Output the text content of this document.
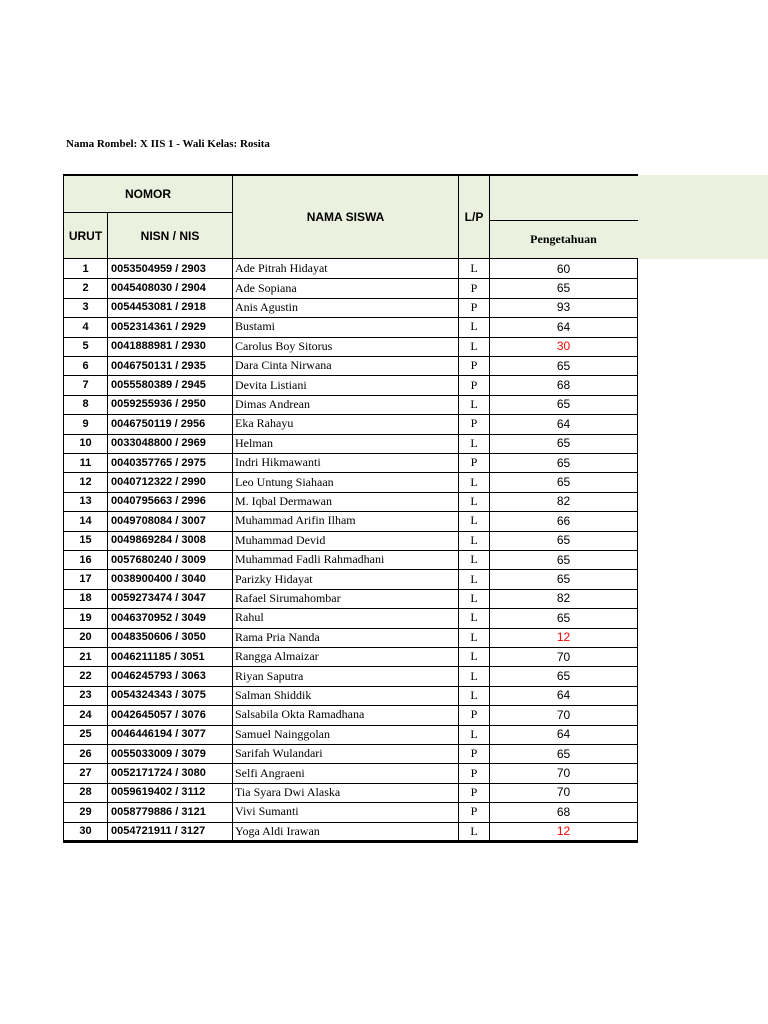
Nama Rombel: X IIS 1 - Wali Kelas: Rosita
NOMOR
URUT	NISN / NIS
NAMA SISWA	L/P
Pengetahuan
1	0053504959 / 2903	Ade Pitrah Hidayat	L	60
2	0045408030 / 2904	Ade Sopiana	P	65
3	0054453081 / 2918	Anis Agustin	P	93
4	0052314361 / 2929	Bustami	L	64
5	0041888981 / 2930	Carolus Boy Sitorus	L	30
6	0046750131 / 2935	Dara Cinta Nirwana	P	65
7	0055580389 / 2945	Devita Listiani	P	68
8	0059255936 / 2950	Dimas Andrean	L	65
9	0046750119 / 2956	Eka Rahayu	P	64
10	0033048800 / 2969	Helman	L	65
11	0040357765 / 2975	Indri Hikmawanti	P	65
12	0040712322 / 2990	Leo Untung Siahaan	L	65
13	0040795663 / 2996	M. Iqbal Dermawan	L	82
14	0049708084 / 3007	Muhammad Arifin Ilham	L	66
15	0049869284 / 3008	Muhammad Devid	L	65
16	0057680240 / 3009	Muhammad Fadli Rahmadhani	L	65
17	0038900400 / 3040	Parizky Hidayat	L	65
18	0059273474 / 3047	Rafael Sirumahombar	L	82
19	0046370952 / 3049	Rahul	L	65
20	0048350606 / 3050	Rama Pria Nanda	L	12
21	0046211185 / 3051	Rangga Almaizar	L	70
22	0046245793 / 3063	Riyan Saputra	L	65
23	0054324343 / 3075	Salman Shiddik	L	64
24	0042645057 / 3076	Salsabila Okta Ramadhana	P	70
25	0046446194 / 3077	Samuel Nainggolan	L	64
26	0055033009 / 3079	Sarifah Wulandari	P	65
27	0052171724 / 3080	Selfi Angraeni	P	70
28	0059619402 / 3112	Tia Syara Dwi Alaska	P	70
29	0058779886 / 3121	Vivi Sumanti	P	68
30	0054721911 / 3127	Yoga Aldi Irawan	L	12
